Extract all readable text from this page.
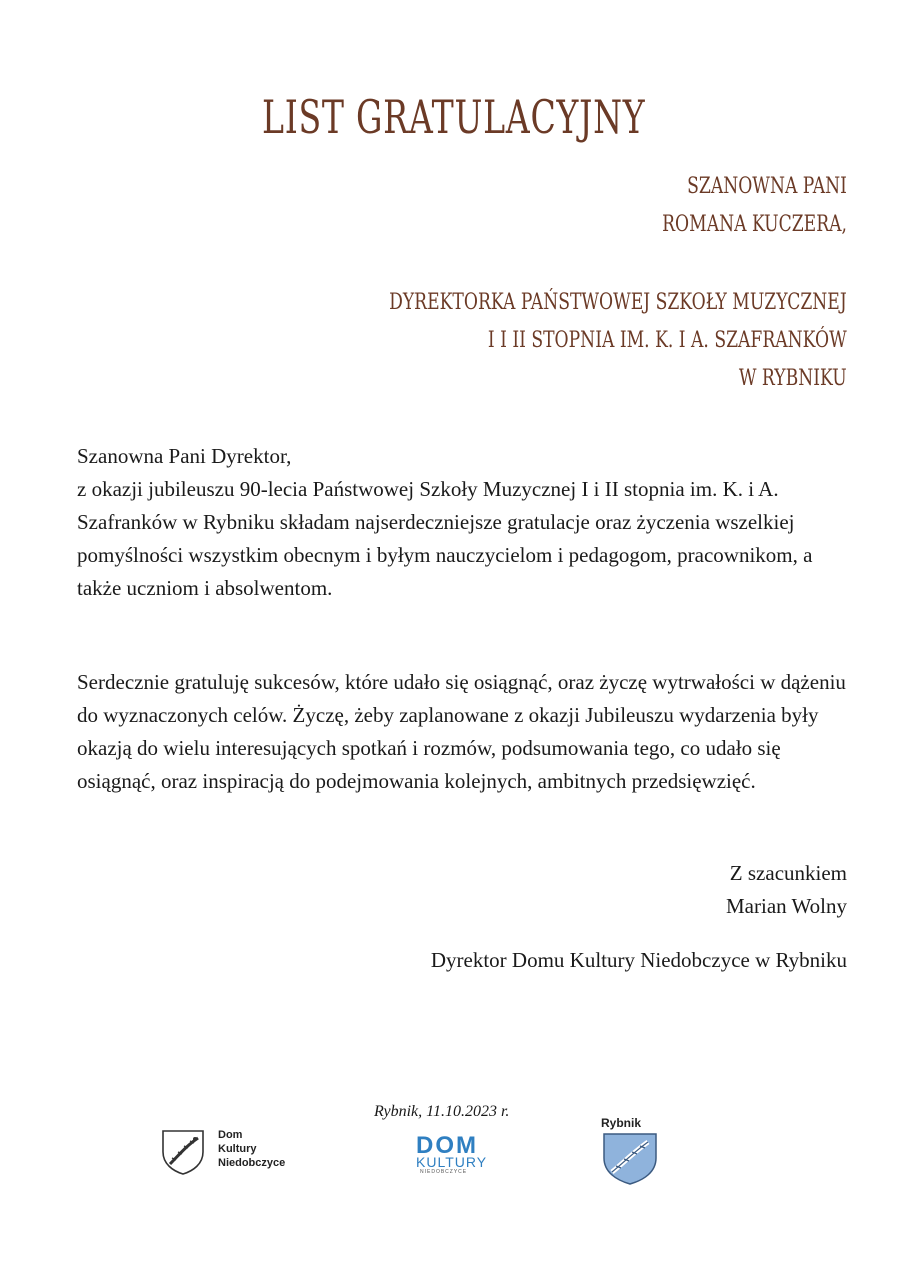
LIST GRATULACYJNY
SZANOWNA PANI
ROMANA KUCZERA,
DYREKTORKA PAŃSTWOWEJ SZKOŁY MUZYCZNEJ
I I II STOPNIA IM. K. I A. SZAFRANKÓW
W RYBNIKU
Szanowna Pani Dyrektor,

z okazji jubileuszu 90-lecia Państwowej Szkoły Muzycznej I i II stopnia im. K. i A. Szafranków w Rybniku składam najserdeczniejsze gratulacje oraz życzenia wszelkiej pomyślności wszystkim obecnym i byłym nauczycielom i pedagogom, pracownikom, a także uczniom i absolwentom.

Serdecznie gratuluję sukcesów, które udało się osiągnąć, oraz życzę wytrwałości w dążeniu do wyznaczonych celów. Życzę, żeby zaplanowane z okazji Jubileuszu wydarzenia były okazją do wielu interesujących spotkań i rozmów, podsumowania tego, co udało się osiągnąć, oraz inspiracją do podejmowania kolejnych, ambitnych przedsięwzięć.

Z szacunkiem
Marian Wolny
Dyrektor Domu Kultury Niedobczyce w Rybniku
Rybnik, 11.10.2023 r.
Dom
Kultury
Niedobczyce
DOM
KULTURY
NIEDOBCZYCE
Rybnik
